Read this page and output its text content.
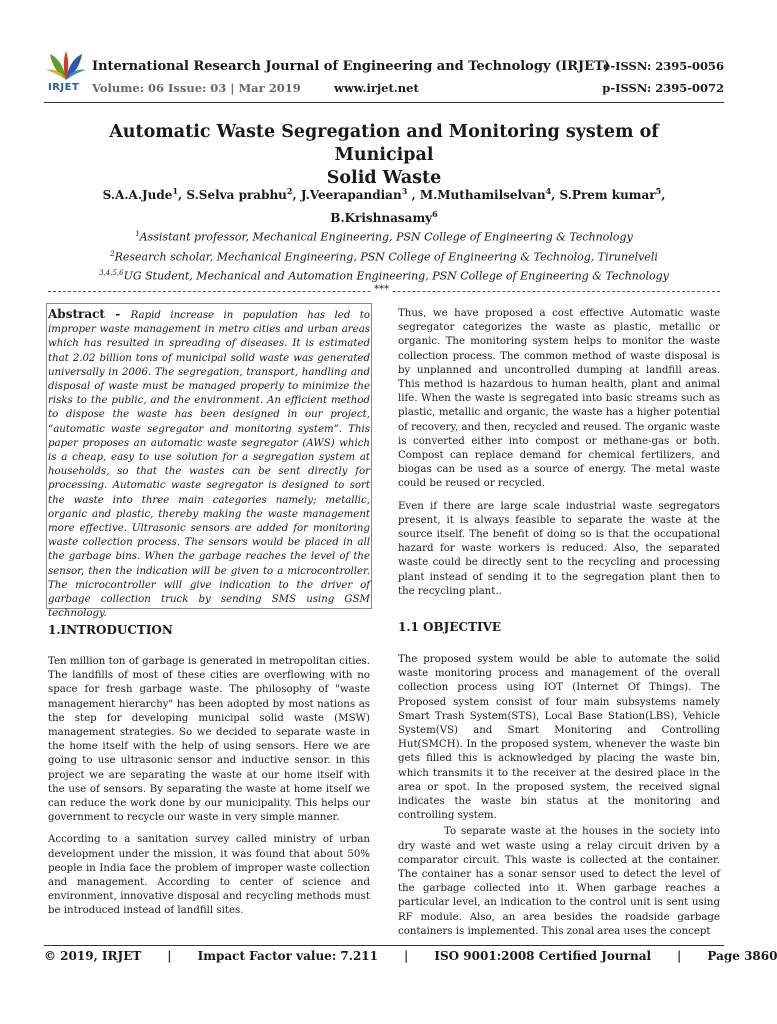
IRJET
International Research Journal of Engineering and Technology (IRJET)
Volume: 06 Issue: 03 | Mar 2019	www.irjet.net
e-ISSN: 2395-0056
p-ISSN: 2395-0072
Automatic Waste Segregation and Monitoring system of Municipal
Solid Waste
S.A.A.Jude$^1$, S.Selva prabhu$^2$, J.Veerapandian$^3$ , M.Muthamilselvan$^4$, S.Prem kumar$^5$,
B.Krishnasamy$^6$
$^1$Assistant professor, Mechanical Engineering, PSN College of Engineering & Technology
$^2$Research scholar, Mechanical Engineering, PSN College of Engineering & Technolog, Tirunelveli
$^{3,4,5,6}$UG Student, Mechanical and Automation Engineering, PSN College of Engineering & Technology
***
Abstract - Rapid increase in population has led to improper waste management in metro cities and urban areas which has resulted in spreading of diseases. It is estimated that 2.02 billion tons of municipal solid waste was generated universally in 2006. The segregation, transport, handling and disposal of waste must be managed properly to minimize the risks to the public, and the environment. An efficient method to dispose the waste has been designed in our project, “automatic waste segregator and monitoring system”. This paper proposes an automatic waste segregator (AWS) which is a cheap, easy to use solution for a segregation system at households, so that the wastes can be sent directly for processing. Automatic waste segregator is designed to sort the waste into three main categories namely; metallic, organic and plastic, thereby making the waste management more effective. Ultrasonic sensors are added for monitoring waste collection process. The sensors would be placed in all the garbage bins. When the garbage reaches the level of the sensor, then the indication will be given to a microcontroller. The microcontroller will give indication to the driver of garbage collection truck by sending SMS using GSM technology.
1.INTRODUCTION

Ten million ton of garbage is generated in metropolitan cities. The landfills of most of these cities are overflowing with no space for fresh garbage waste. The philosophy of "waste management hierarchy" has been adopted by most nations as the step for developing municipal solid waste (MSW) management strategies. So we decided to separate waste in the home itself with the help of using sensors. Here we are going to use ultrasonic sensor and inductive sensor. in this project we are separating the waste at our home itself with the use of sensors. By separating the waste at home itself we can reduce the work done by our municipality. This helps our government to recycle our waste in very simple manner.

According to a sanitation survey called ministry of urban development under the mission, it was found that about 50% people in India face the problem of improper waste collection and management. According to center of science and environment, innovative disposal and recycling methods must be introduced instead of landfill sites.

Thus, we have proposed a cost effective Automatic waste segregator categorizes the waste as plastic, metallic or organic. The monitoring system helps to monitor the waste collection process. The common method of waste disposal is by unplanned and uncontrolled dumping at landfill areas. This method is hazardous to human health, plant and animal life. When the waste is segregated into basic streams such as plastic, metallic and organic, the waste has a higher potential of recovery, and then, recycled and reused. The organic waste is converted either into compost or methane-gas or both. Compost can replace demand for chemical fertilizers, and biogas can be used as a source of energy. The metal waste could be reused or recycled.

Even if there are large scale industrial waste segregators present, it is always feasible to separate the waste at the source itself. The benefit of doing so is that the occupational hazard for waste workers is reduced. Also, the separated waste could be directly sent to the recycling and processing plant instead of sending it to the segregation plant then to the recycling plant..

1.1 OBJECTIVE

The proposed system would be able to automate the solid waste monitoring process and management of the overall collection process using IOT (Internet Of Things). The Proposed system consist of four main subsystems namely Smart Trash System(STS), Local Base Station(LBS), Vehicle System(VS) and Smart Monitoring and Controlling Hut(SMCH). In the proposed system, whenever the waste bin gets filled this is acknowledged by placing the waste bin, which transmits it to the receiver at the desired place in the area or spot. In the proposed system, the received signal indicates the waste bin status at the monitoring and controlling system.

To separate waste at the houses in the society into dry waste and wet waste using a relay circuit driven by a comparator circuit. This waste is collected at the container. The container has a sonar sensor used to detect the level of the garbage collected into it. When garbage reaches a particular level, an indication to the control unit is sent using RF module. Also, an area besides the roadside garbage containers is implemented. This zonal area uses the concept

© 2019, IRJET | Impact Factor value: 7.211 | ISO 9001:2008 Certified Journal | Page 3860
